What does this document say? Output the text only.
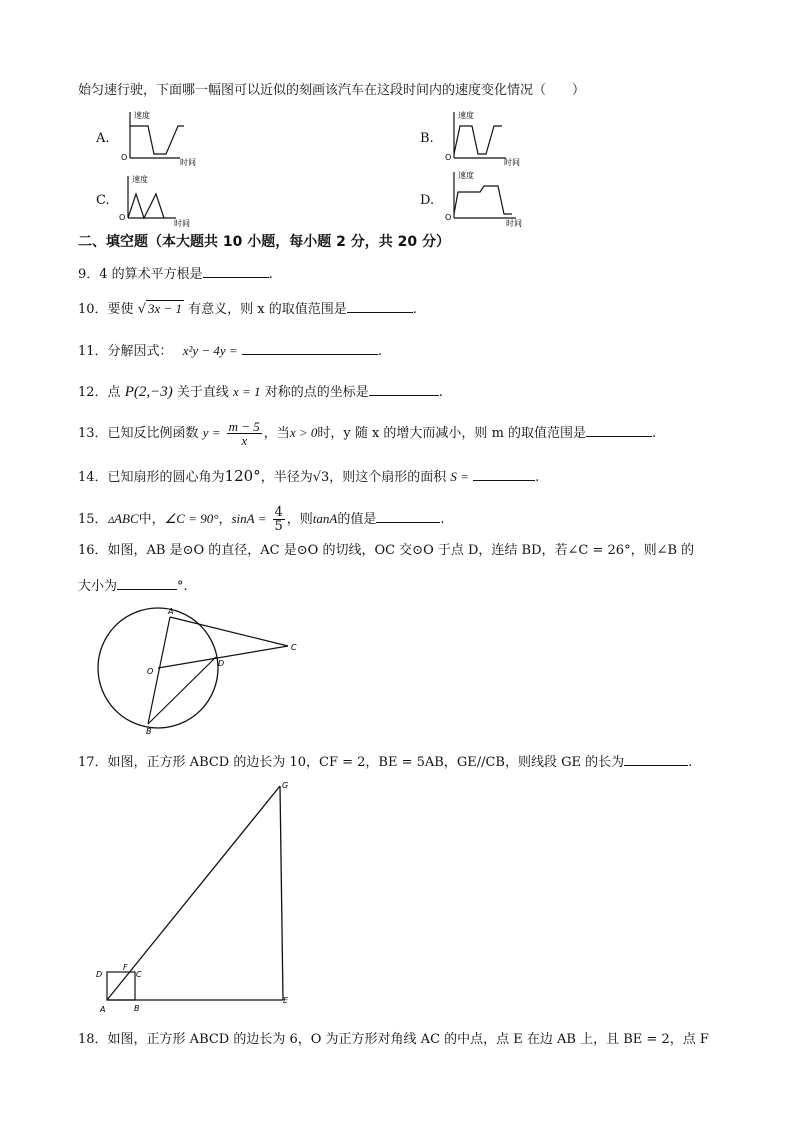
始匀速行驶，下面哪一幅图可以近似的刻画该汽车在这段时间内的速度变化情况（　　）
A.
速度
时间
O
B.
速度
时间
O
C.
速度
时间
O
D.
速度
时间
O
二、填空题（本大题共 10 小题，每小题 2 分，共 20 分）
9．4 的算术平方根是	.
10．要使 √ 3x − 1 有意义，则 x 的取值范围是	.
11．分解因式： x²y − 4y =	.
12．点 P(2,−3) 关于直线 x = 1 对称的点的坐标是	.
13．已知反比例函数 $y = \frac{m - 5}{x}$ ，当x > 0时，y 随 x 的增大而减小，则 m 的取值范围是	.
14．已知扇形的圆心角为120°，半径为√3，则这个扇形的面积 S =	.
15．▵ABC中，∠C = 90°，$\sin A = \frac{4}{5}$ ，则tanA的值是	.
16．如图，AB 是⊙O 的直径，AC 是⊙O 的切线，OC 交⊙O 于点 D，连结 BD，若∠C = 26°，则∠B 的
大小为	°.
A
B
C
D
O
17．如图，正方形 ABCD 的边长为 10，CF = 2，BE = 5AB，GE//CB，则线段 GE 的长为	.
G
E
A	B
C
D
F
18．如图，正方形 ABCD 的边长为 6，O 为正方形对角线 AC 的中点，点 E 在边 AB 上，且 BE = 2，点 F
